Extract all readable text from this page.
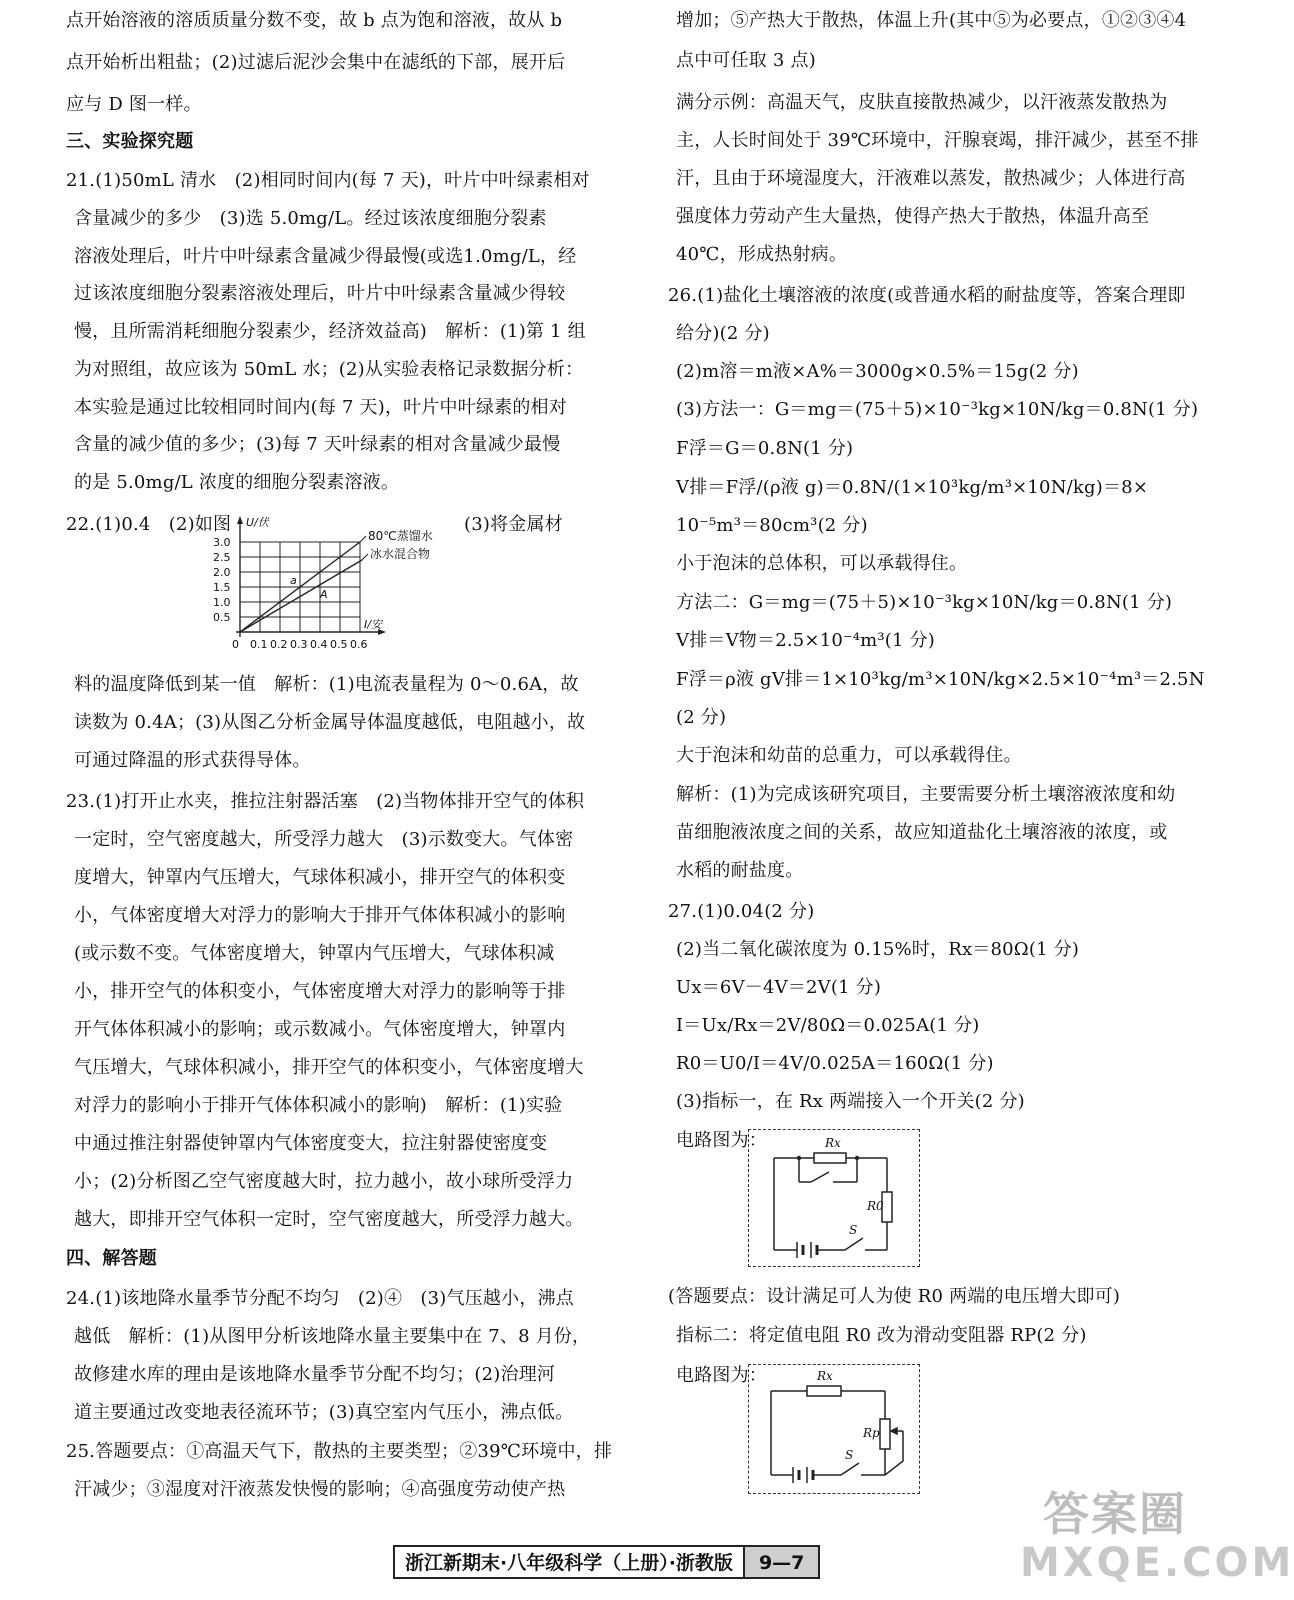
点开始溶液的溶质质量分数不变，故 b 点为饱和溶液，故从 b
点开始析出粗盐；(2)过滤后泥沙会集中在滤纸的下部，展开后
应与 D 图一样。
三、实验探究题
21.(1)50mL 清水　(2)相同时间内(每 7 天)，叶片中叶绿素相对
含量减少的多少　(3)选 5.0mg/L。经过该浓度细胞分裂素
溶液处理后，叶片中叶绿素含量减少得最慢(或选1.0mg/L，经
过该浓度细胞分裂素溶液处理后，叶片中叶绿素含量减少得较
慢，且所需消耗细胞分裂素少，经济效益高)　解析：(1)第 1 组
为对照组，故应该为 50mL 水；(2)从实验表格记录数据分析：
本实验是通过比较相同时间内(每 7 天)，叶片中叶绿素的相对
含量的减少值的多少；(3)每 7 天叶绿素的相对含量减少最慢
的是 5.0mg/L 浓度的细胞分裂素溶液。
22.(1)0.4　(2)如图	(3)将金属材
料的温度降低到某一值　解析：(1)电流表量程为 0～0.6A，故
读数为 0.4A；(3)从图乙分析金属导体温度越低，电阻越小，故
可通过降温的形式获得导体。
23.(1)打开止水夹，推拉注射器活塞　(2)当物体排开空气的体积
一定时，空气密度越大，所受浮力越大　(3)示数变大。气体密
度增大，钟罩内气压增大，气球体积减小，排开空气的体积变
小，气体密度增大对浮力的影响大于排开气体体积减小的影响
(或示数不变。气体密度增大，钟罩内气压增大，气球体积减
小，排开空气的体积变小，气体密度增大对浮力的影响等于排
开气体体积减小的影响；或示数减小。气体密度增大，钟罩内
气压增大，气球体积减小，排开空气的体积变小，气体密度增大
对浮力的影响小于排开气体体积减小的影响)　解析：(1)实验
中通过推注射器使钟罩内气体密度变大，拉注射器使密度变
小；(2)分析图乙空气密度越大时，拉力越小，故小球所受浮力
越大，即排开空气体积一定时，空气密度越大，所受浮力越大。
四、解答题
24.(1)该地降水量季节分配不均匀　(2)④　(3)气压越小，沸点
越低　解析：(1)从图甲分析该地降水量主要集中在 7、8 月份，
故修建水库的理由是该地降水量季节分配不均匀；(2)治理河
道主要通过改变地表径流环节；(3)真空室内气压小，沸点低。
25.答题要点：①高温天气下，散热的主要类型；②39℃环境中，排
汗减少；③湿度对汗液蒸发快慢的影响；④高强度劳动使产热
增加；⑤产热大于散热，体温上升(其中⑤为必要点，①②③④4
点中可任取 3 点)
满分示例：高温天气，皮肤直接散热减少，以汗液蒸发散热为
主，人长时间处于 39℃环境中，汗腺衰竭，排汗减少，甚至不排
汗，且由于环境湿度大，汗液难以蒸发，散热减少；人体进行高
强度体力劳动产生大量热，使得产热大于散热，体温升高至
40℃，形成热射病。
26.(1)盐化土壤溶液的浓度(或普通水稻的耐盐度等，答案合理即
给分)(2 分)
(2)m溶＝m液×A%＝3000g×0.5%＝15g(2 分)
(3)方法一：G＝mg＝(75＋5)×10⁻³kg×10N/kg＝0.8N(1 分)
F浮＝G＝0.8N(1 分)
V排＝F浮/(ρ液 g)＝0.8N/(1×10³kg/m³×10N/kg)＝8×
10⁻⁵m³＝80cm³(2 分)
小于泡沫的总体积，可以承载得住。
方法二：G＝mg＝(75＋5)×10⁻³kg×10N/kg＝0.8N(1 分)
V排＝V物＝2.5×10⁻⁴m³(1 分)
F浮＝ρ液 gV排＝1×10³kg/m³×10N/kg×2.5×10⁻⁴m³＝2.5N
(2 分)
大于泡沫和幼苗的总重力，可以承载得住。
解析：(1)为完成该研究项目，主要需要分析土壤溶液浓度和幼
苗细胞液浓度之间的关系，故应知道盐化土壤溶液的浓度，或
水稻的耐盐度。
27.(1)0.04(2 分)
(2)当二氧化碳浓度为 0.15%时，Rx＝80Ω(1 分)
Ux＝6V－4V＝2V(1 分)
I＝Ux/Rx＝2V/80Ω＝0.025A(1 分)
R0＝U0/I＝4V/0.025A＝160Ω(1 分)
(3)指标一，在 Rx 两端接入一个开关(2 分)
电路图为：
(答题要点：设计满足可人为使 R0 两端的电压增大即可)
指标二：将定值电阻 R0 改为滑动变阻器 RP(2 分)
电路图为：
U/伏
I/安
3.0
2.5
2.0
1.5
1.0
0.5
0 0.1 0.2 0.3 0.4 0.5 0.6
a
A
80℃蒸馏水
冰水混合物
Rx
R0
S
Rx
Rp
S
浙江新期末·八年级科学（上册）·浙教版	9—7
答案圈
MXQE.COM
